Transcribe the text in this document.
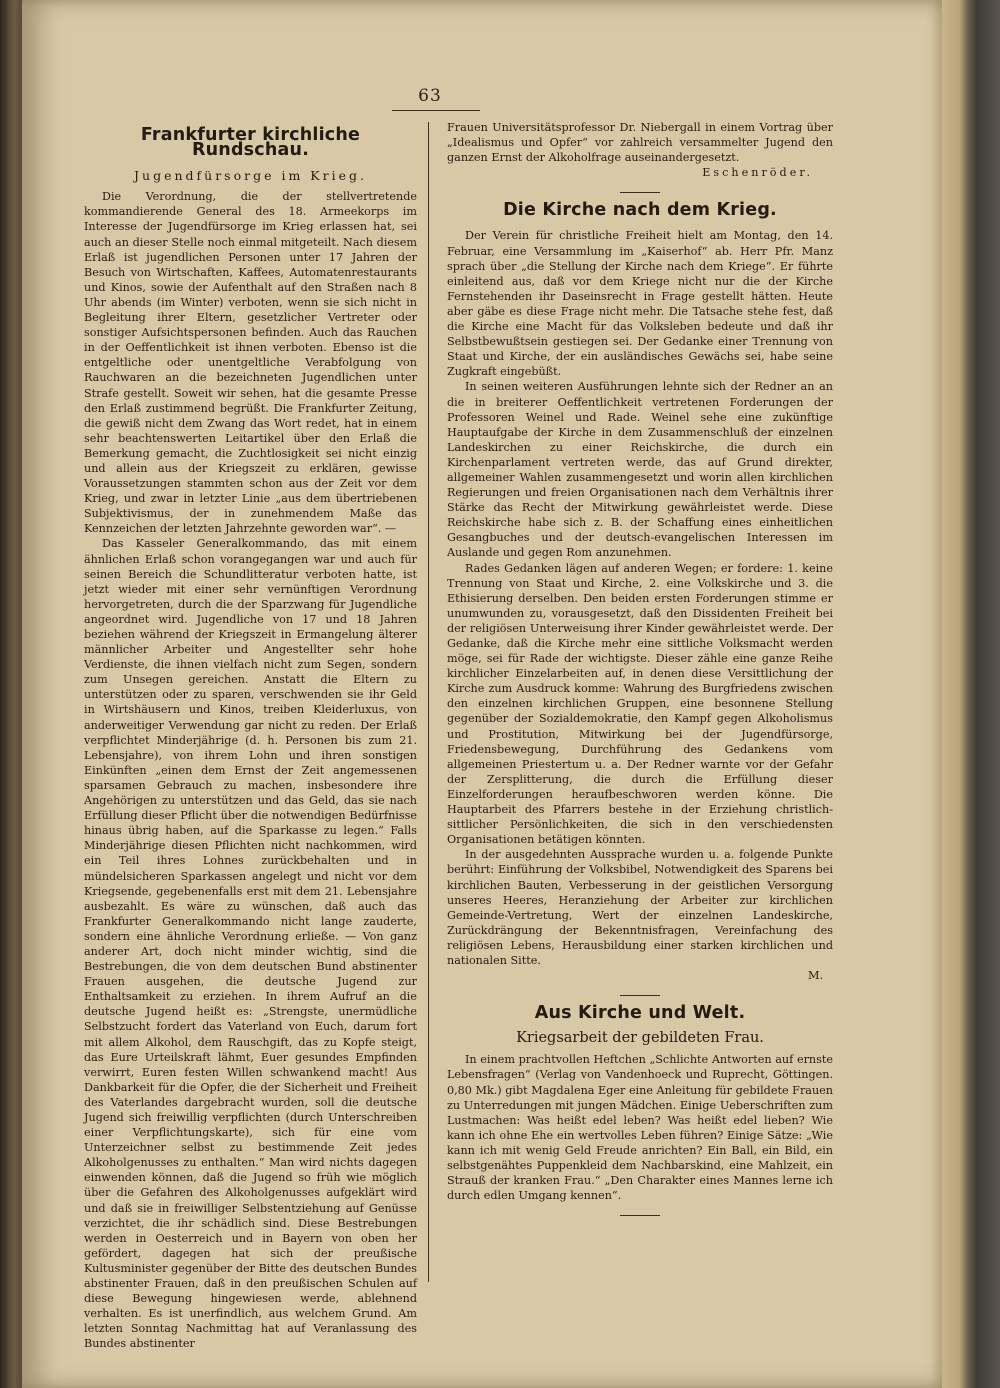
63
Frankfurter kirchliche Rundschau.
Jugendfürsorge im Krieg.

Die Verordnung, die der stellvertretende kommandierende General des 18. Armeekorps im Interesse der Jugendfürsorge im Krieg erlassen hat, sei auch an dieser Stelle noch einmal mitgeteilt. Nach diesem Erlaß ist jugendlichen Personen unter 17 Jahren der Besuch von Wirtschaften, Kaffees, Automatenrestaurants und Kinos, sowie der Aufenthalt auf den Straßen nach 8 Uhr abends (im Winter) verboten, wenn sie sich nicht in Begleitung ihrer Eltern, gesetzlicher Vertreter oder sonstiger Aufsichtspersonen befinden. Auch das Rauchen in der Oeffentlichkeit ist ihnen verboten. Ebenso ist die entgeltliche oder unentgeltliche Verabfolgung von Rauchwaren an die bezeichneten Jugendlichen unter Strafe gestellt. Soweit wir sehen, hat die gesamte Presse den Erlaß zustimmend begrüßt. Die Frankfurter Zeitung, die gewiß nicht dem Zwang das Wort redet, hat in einem sehr beachtenswerten Leitartikel über den Erlaß die Bemerkung gemacht, die Zuchtlosigkeit sei nicht einzig und allein aus der Kriegszeit zu erklären, gewisse Voraussetzungen stammten schon aus der Zeit vor dem Krieg, und zwar in letzter Linie „aus dem übertriebenen Subjektivismus, der in zunehmendem Maße das Kennzeichen der letzten Jahrzehnte geworden war“. —

Das Kasseler Generalkommando, das mit einem ähnlichen Erlaß schon vorangegangen war und auch für seinen Bereich die Schundlitteratur verboten hatte, ist jetzt wieder mit einer sehr vernünftigen Verordnung hervorgetreten, durch die der Sparzwang für Jugendliche angeordnet wird. Jugendliche von 17 und 18 Jahren beziehen während der Kriegszeit in Ermangelung älterer männlicher Arbeiter und Angestellter sehr hohe Verdienste, die ihnen vielfach nicht zum Segen, sondern zum Unsegen gereichen. Anstatt die Eltern zu unterstützen oder zu sparen, verschwenden sie ihr Geld in Wirtshäusern und Kinos, treiben Kleiderluxus, von anderweitiger Verwendung gar nicht zu reden. Der Erlaß verpflichtet Minderjährige (d. h. Personen bis zum 21. Lebensjahre), von ihrem Lohn und ihren sonstigen Einkünften „einen dem Ernst der Zeit angemessenen sparsamen Gebrauch zu machen, insbesondere ihre Angehörigen zu unterstützen und das Geld, das sie nach Erfüllung dieser Pflicht über die notwendigen Bedürfnisse hinaus übrig haben, auf die Sparkasse zu legen.“ Falls Minderjährige diesen Pflichten nicht nachkommen, wird ein Teil ihres Lohnes zurückbehalten und in mündelsicheren Sparkassen angelegt und nicht vor dem Kriegsende, gegebenenfalls erst mit dem 21. Lebensjahre ausbezahlt. Es wäre zu wünschen, daß auch das Frankfurter Generalkommando nicht lange zauderte, sondern eine ähnliche Verordnung erließe. — Von ganz anderer Art, doch nicht minder wichtig, sind die Bestrebungen, die von dem deutschen Bund abstinenter Frauen ausgehen, die deutsche Jugend zur Enthaltsamkeit zu erziehen. In ihrem Aufruf an die deutsche Jugend heißt es: „Strengste, unermüdliche Selbstzucht fordert das Vaterland von Euch, darum fort mit allem Alkohol, dem Rauschgift, das zu Kopfe steigt, das Eure Urteilskraft lähmt, Euer gesundes Empfinden verwirrt, Euren festen Willen schwankend macht! Aus Dankbarkeit für die Opfer, die der Sicherheit und Freiheit des Vaterlandes dargebracht wurden, soll die deutsche Jugend sich freiwillig verpflichten (durch Unterschreiben einer Verpflichtungskarte), sich für eine vom Unterzeichner selbst zu bestimmende Zeit jedes Alkoholgenusses zu enthalten.“ Man wird nichts dagegen einwenden können, daß die Jugend so früh wie möglich über die Gefahren des Alkoholgenusses aufgeklärt wird und daß sie in freiwilliger Selbstentziehung auf Genüsse verzichtet, die ihr schädlich sind. Diese Bestrebungen werden in Oesterreich und in Bayern von oben her gefördert, dagegen hat sich der preußische Kultusminister gegenüber der Bitte des deutschen Bundes abstinenter Frauen, daß in den preußischen Schulen auf diese Bewegung hingewiesen werde, ablehnend verhalten. Es ist unerfindlich, aus welchem Grund. Am letzten Sonntag Nachmittag hat auf Veranlassung des Bundes abstinenter

Frauen Universitätsprofessor Dr. Niebergall in einem Vortrag über „Idealismus und Opfer“ vor zahlreich versammelter Jugend den ganzen Ernst der Alkoholfrage auseinandergesetzt.

Eschenröder.
Die Kirche nach dem Krieg.

Der Verein für christliche Freiheit hielt am Montag, den 14. Februar, eine Versammlung im „Kaiserhof“ ab. Herr Pfr. Manz sprach über „die Stellung der Kirche nach dem Kriege“. Er führte einleitend aus, daß vor dem Kriege nicht nur die der Kirche Fernstehenden ihr Daseinsrecht in Frage gestellt hätten. Heute aber gäbe es diese Frage nicht mehr. Die Tatsache stehe fest, daß die Kirche eine Macht für das Volksleben bedeute und daß ihr Selbstbewußtsein gestiegen sei. Der Gedanke einer Trennung von Staat und Kirche, der ein ausländisches Gewächs sei, habe seine Zugkraft eingebüßt.

In seinen weiteren Ausführungen lehnte sich der Redner an an die in breiterer Oeffentlichkeit vertretenen Forderungen der Professoren Weinel und Rade. Weinel sehe eine zukünftige Hauptaufgabe der Kirche in dem Zusammenschluß der einzelnen Landeskirchen zu einer Reichskirche, die durch ein Kirchenparlament vertreten werde, das auf Grund direkter, allgemeiner Wahlen zusammengesetzt und worin allen kirchlichen Regierungen und freien Organisationen nach dem Verhältnis ihrer Stärke das Recht der Mitwirkung gewährleistet werde. Diese Reichskirche habe sich z. B. der Schaffung eines einheitlichen Gesangbuches und der deutsch-evangelischen Interessen im Auslande und gegen Rom anzunehmen.

Rades Gedanken lägen auf anderen Wegen; er fordere: 1. keine Trennung von Staat und Kirche, 2. eine Volkskirche und 3. die Ethisierung derselben. Den beiden ersten Forderungen stimme er unumwunden zu, vorausgesetzt, daß den Dissidenten Freiheit bei der religiösen Unterweisung ihrer Kinder gewährleistet werde. Der Gedanke, daß die Kirche mehr eine sittliche Volksmacht werden möge, sei für Rade der wichtigste. Dieser zähle eine ganze Reihe kirchlicher Einzelarbeiten auf, in denen diese Versittlichung der Kirche zum Ausdruck komme: Wahrung des Burgfriedens zwischen den einzelnen kirchlichen Gruppen, eine besonnene Stellung gegenüber der Sozialdemokratie, den Kampf gegen Alkoholismus und Prostitution, Mitwirkung bei der Jugendfürsorge, Friedensbewegung, Durchführung des Gedankens vom allgemeinen Priestertum u. a. Der Redner warnte vor der Gefahr der Zersplitterung, die durch die Erfüllung dieser Einzelforderungen heraufbeschworen werden könne. Die Hauptarbeit des Pfarrers bestehe in der Erziehung christlich-sittlicher Persönlichkeiten, die sich in den verschiedensten Organisationen betätigen könnten.

In der ausgedehnten Aussprache wurden u. a. folgende Punkte berührt: Einführung der Volksbibel, Notwendigkeit des Sparens bei kirchlichen Bauten, Verbesserung in der geistlichen Versorgung unseres Heeres, Heranziehung der Arbeiter zur kirchlichen Gemeinde-Vertretung, Wert der einzelnen Landeskirche, Zurückdrängung der Bekenntnisfragen, Vereinfachung des religiösen Lebens, Herausbildung einer starken kirchlichen und nationalen Sitte.

M.
Aus Kirche und Welt.
Kriegsarbeit der gebildeten Frau.

In einem prachtvollen Heftchen „Schlichte Antworten auf ernste Lebensfragen“ (Verlag von Vandenhoeck und Ruprecht, Göttingen. 0,80 Mk.) gibt Magdalena Eger eine Anleitung für gebildete Frauen zu Unterredungen mit jungen Mädchen. Einige Ueberschriften zum Lustmachen: Was heißt edel leben? Was heißt edel lieben? Wie kann ich ohne Ehe ein wertvolles Leben führen? Einige Sätze: „Wie kann ich mit wenig Geld Freude anrichten? Ein Ball, ein Bild, ein selbstgenähtes Puppenkleid dem Nachbarskind, eine Mahlzeit, ein Strauß der kranken Frau.“ „Den Charakter eines Mannes lerne ich durch edlen Umgang kennen“.
